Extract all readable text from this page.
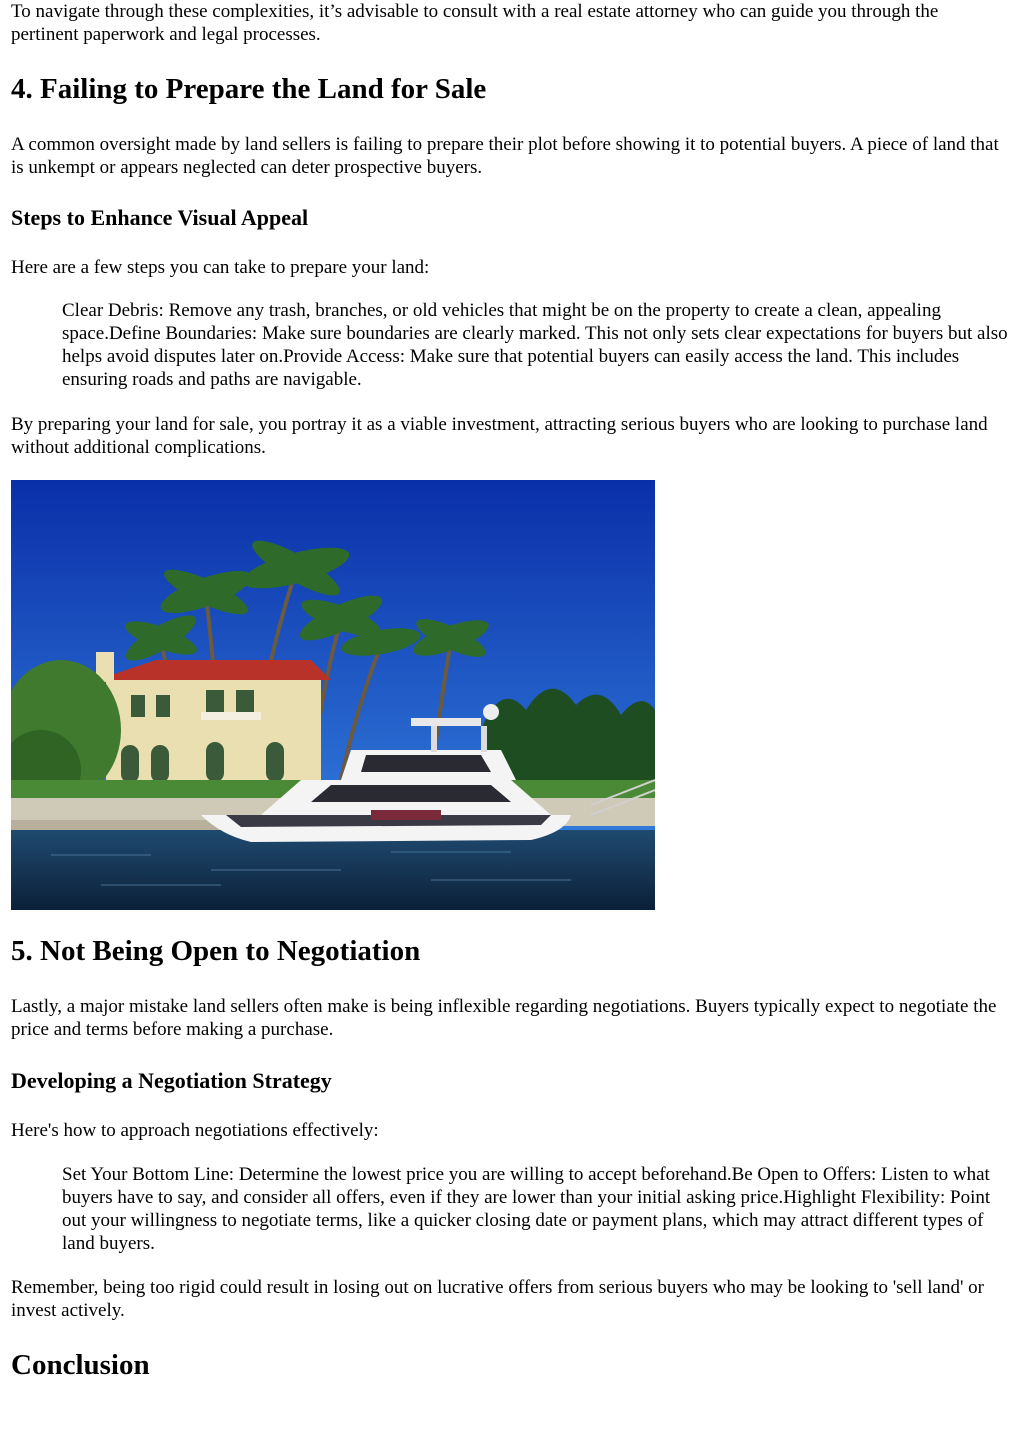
To navigate through these complexities, it’s advisable to consult with a real estate attorney who can guide you through the pertinent paperwork and legal processes.

4. Failing to Prepare the Land for Sale

A common oversight made by land sellers is failing to prepare their plot before showing it to potential buyers. A piece of land that is unkempt or appears neglected can deter prospective buyers.

Steps to Enhance Visual Appeal

Here are a few steps you can take to prepare your land:

Clear Debris: Remove any trash, branches, or old vehicles that might be on the property to create a clean, appealing space.Define Boundaries: Make sure boundaries are clearly marked. This not only sets clear expectations for buyers but also helps avoid disputes later on.Provide Access: Make sure that potential buyers can easily access the land. This includes ensuring roads and paths are navigable.

By preparing your land for sale, you portray it as a viable investment, attracting serious buyers who are looking to purchase land without additional complications.

5. Not Being Open to Negotiation

Lastly, a major mistake land sellers often make is being inflexible regarding negotiations. Buyers typically expect to negotiate the price and terms before making a purchase.

Developing a Negotiation Strategy

Here's how to approach negotiations effectively:

Set Your Bottom Line: Determine the lowest price you are willing to accept beforehand.Be Open to Offers: Listen to what buyers have to say, and consider all offers, even if they are lower than your initial asking price.Highlight Flexibility: Point out your willingness to negotiate terms, like a quicker closing date or payment plans, which may attract different types of land buyers.

Remember, being too rigid could result in losing out on lucrative offers from serious buyers who may be looking to 'sell land' or invest actively.

Conclusion
